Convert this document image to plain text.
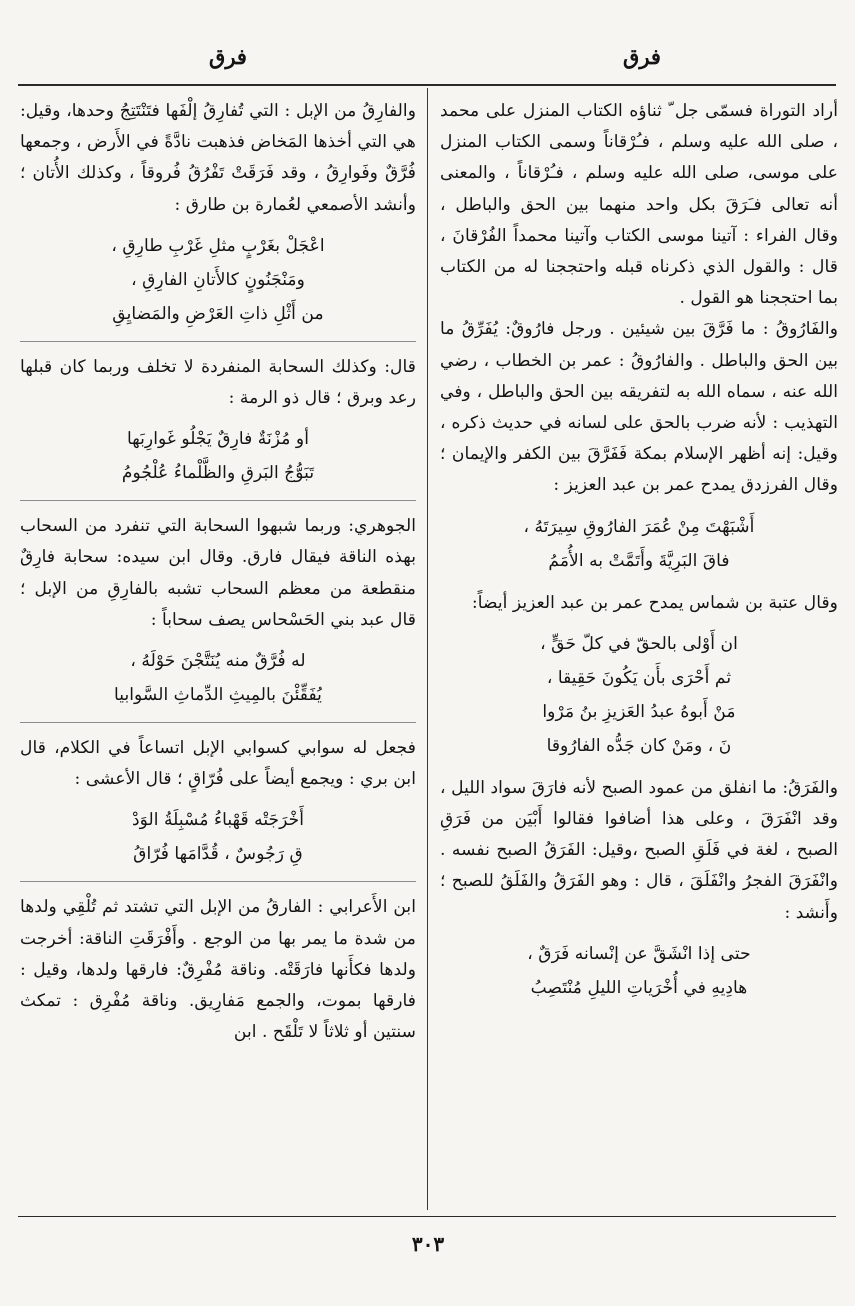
فرق
فرق

أراد التوراة فسمّى جل ّ ثناؤه الكتاب المنزل على محمد ، صلى الله عليه وسلم ، فـُرْقاناً وسمى الكتاب المنزل على موسى، صلى الله عليه وسلم ، فـُرْقاناً ، والمعنى أنه تعالى فـَرَقَ بكل واحد منهما بين الحق والباطل ، وقال الفراء : آتينا موسى الكتاب وآتينا محمداً الفُرْقانَ ، قال : والقول الذي ذكرناه قبله واحتججنا له من الكتاب بما احتججنا هو القول .

والفَارُوقُ : ما فَرَّقَ بين شيئين . ورجل فارُوقٌ: يُفَرِّقُ ما بين الحق والباطل . والفارُوقُ : عمر بن الخطاب ، رضي الله عنه ، سماه الله به لتفريقه بين الحق والباطل ، وفي التهذيب : لأنه ضرب بالحق على لسانه في حديث ذكره ، وقيل: إنه أظهر الإسلام بمكة فَفَرَّقَ بين الكفر والإيمان ؛ وقال الفرزدق يمدح عمر بن عبد العزيز :

أَشْبَهْتَ مِنْ عُمَرَ الفارُوقِ سِيرَتَهُ ،
فاقَ البَرِيَّةَ وأَتَمَّتْ به الأُمَمُ

وقال عتبة بن شماس يمدح عمر بن عبد العزيز أيضاً:

ان أَوْلى بالحقّ في كلّ حَقٍّ ،
ثم أَحْرَى بأَن يَكُونَ حَقِيقا ،
مَنْ أَبوهُ عبدُ العَزيزِ بنُ مَرْوا
نَ ، ومَنْ كان جَدُّه الفارُوقا

والفَرَقُ: ما انفلق من عمود الصبح لأنه فارَقَ سواد الليل ، وقد انْفَرَقَ ، وعلى هذا أضافوا فقالوا أَبْيَن من فَرَقِ الصبح ، لغة في فَلَقِ الصبح ،وقيل: الفَرَقُ الصبح نفسه . وانْفَرَقَ الفجرُ وانْفَلَقَ ، قال : وهو الفَرَقُ والفَلَقُ للصبح ؛ وأَنشد :

حتى إذا انْشَقَّ عن إنْسانه فَرَقٌ ،
هادِيهِ في أُخْرَياتِ الليلِ مُنْتَصِبُ

والفارِقُ من الإبل : التي تُفارِقُ إلْفَها فتَنْتَتِجُ وحدها، وقيل: هي التي أخذها المَخاض فذهبت نادَّةً في الأَرض ، وجمعها فُرَّقٌ وفَوارِقُ ، وقد فَرَقَتْ تَفْرُقُ فُروقاً ، وكذلك الأُتان ؛ وأنشد الأصمعي لعُمارة بن طارق :

اعْجَلْ بغَرْبٍ مثلِ غَرْبِ طارِقِ ،
ومَنْجَنُونٍ كالأَتانِ الفارِقِ ،
من أَثْلِ ذاتِ العَرْضِ والمَضايِقِ

قال: وكذلك السحابة المنفردة لا تخلف وربما كان قبلها رعد وبرق ؛ قال ذو الرمة :

أو مُزْنَةٌ فارِقٌ يَجْلُو غَوارِبَها
تَبَوُّجُ البَرقِ والظَّلْماءُ عُلْجُومُ

الجوهري: وربما شبهوا السحابة التي تنفرد من السحاب بهذه الناقة فيقال فارق. وقال ابن سيده: سحابة فارِقٌ منقطعة من معظم السحاب تشبه بالفارِقِ من الإبل ؛ قال عبد بني الحَسْحاس يصف سحاباً :

له فُرَّقٌ منه يُنَتَّجْنَ حَوْلَهُ ،
يُفَقِّئْنَ بالمِيثِ الدِّماثِ السَّوابيا

فجعل له سوابي كسوابي الإبل اتساعاً في الكلام، قال ابن بري : ويجمع أيضاً على فُرّاقٍ ؛ قال الأعشى :

أَخْرَجَتْه قَهْباءُ مُسْبِلَةُ الوَدْ
قِ رَجُوسٌ ، قُدَّامَها فُرّاقُ

ابن الأَعرابي : الفارقُ من الإبل التي تشتد ثم تُلْقِي ولدها من شدة ما يمر بها من الوجع . وأَفْرَقَتِ الناقة: أخرجت ولدها فكأَنها فارَقَتْه. وناقة مُفْرِقٌ: فارقها ولدها، وقيل : فارقها بموت، والجمع مَفارِيق. وناقة مُفْرِق : تمكث سنتين أو ثلاثاً لا تَلْقَح . ابن

٣٠٣
